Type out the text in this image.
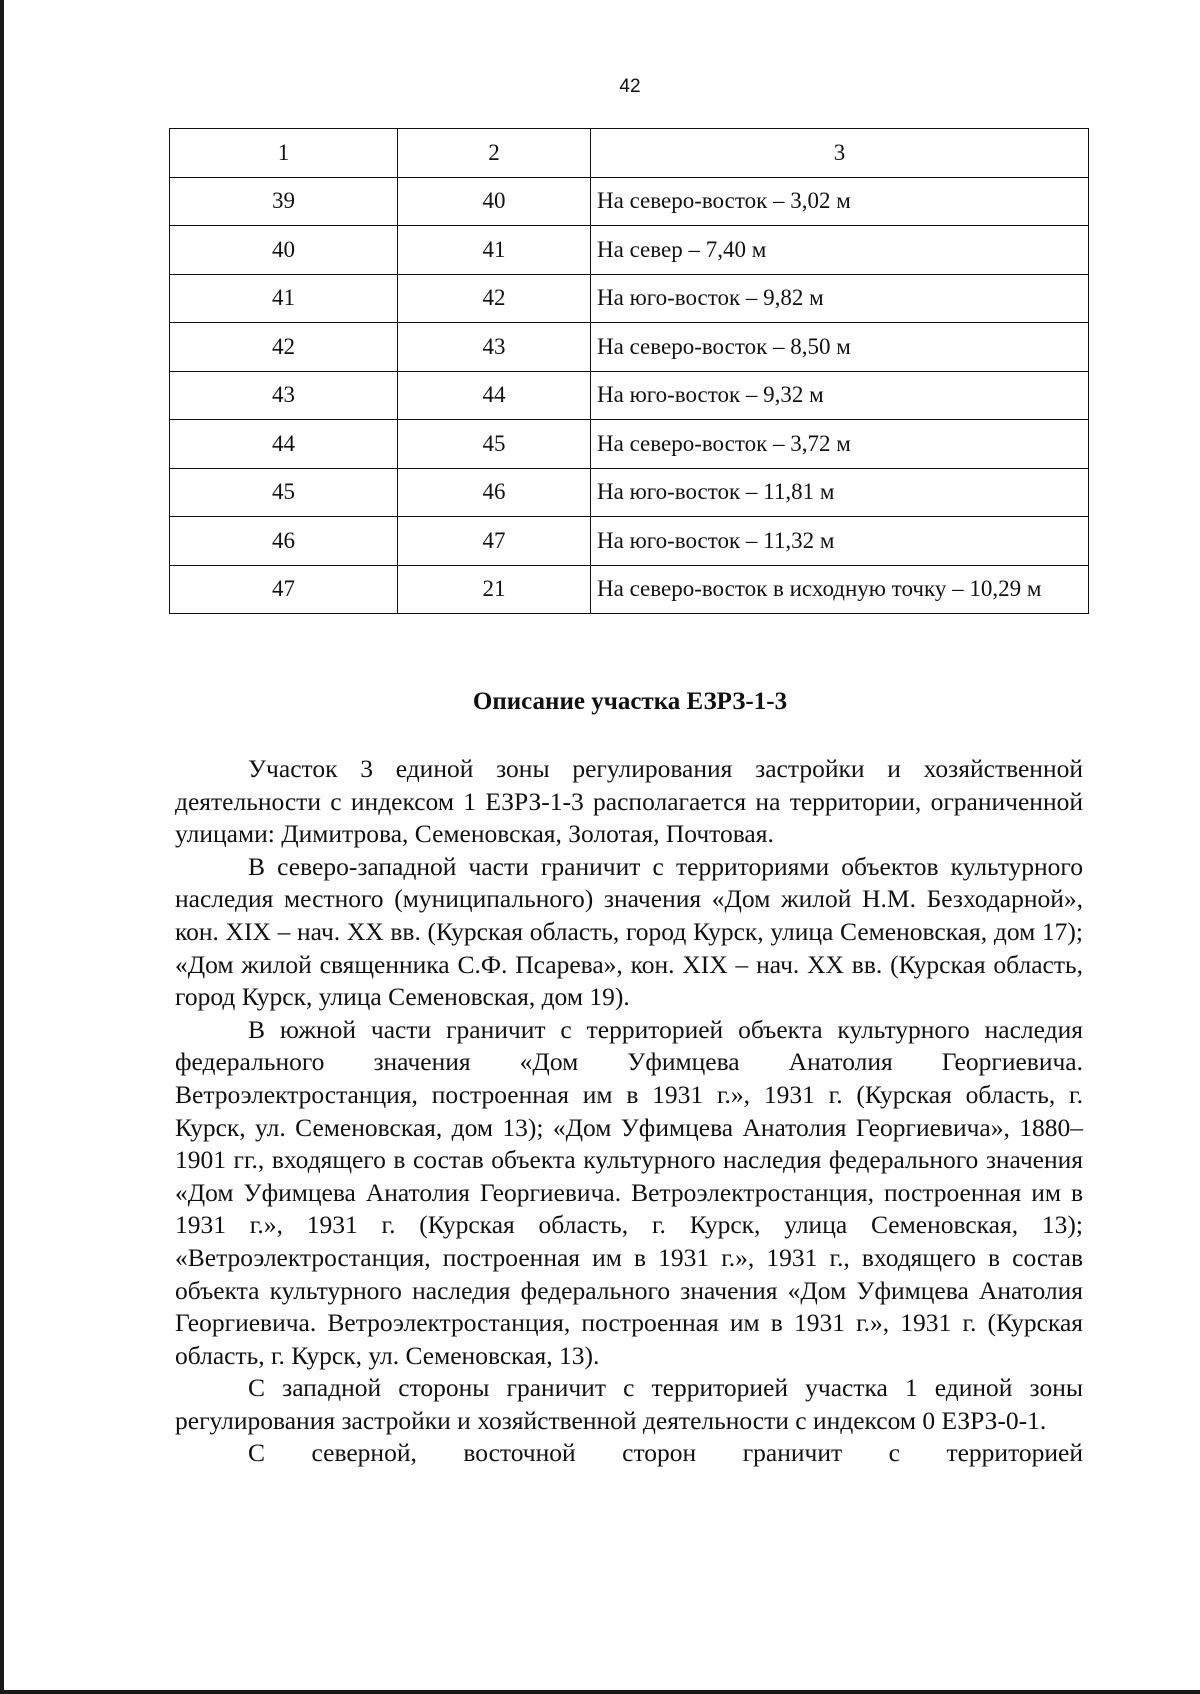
42
1	2	3
39	40	На северо-восток – 3,02 м
40	41	На север – 7,40 м
41	42	На юго-восток – 9,82 м
42	43	На северо-восток – 8,50 м
43	44	На юго-восток – 9,32 м
44	45	На северо-восток – 3,72 м
45	46	На юго-восток – 11,81 м
46	47	На юго-восток – 11,32 м
47	21	На северо-восток в исходную точку – 10,29 м
Описание участка ЕЗРЗ-1-3

Участок 3 единой зоны регулирования застройки и хозяйственной деятельности с индексом 1 ЕЗРЗ-1-3 располагается на территории, ограниченной улицами: Димитрова, Семеновская, Золотая, Почтовая.

В северо-западной части граничит с территориями объектов культурного наследия местного (муниципального) значения «Дом жилой Н.М. Безходарной», кон. XIX – нач. XX вв. (Курская область, город Курск, улица Семеновская, дом 17); «Дом жилой священника С.Ф. Псарева», кон. XIX – нач. XX вв. (Курская область, город Курск, улица Семеновская, дом 19).

В южной части граничит с территорией объекта культурного наследия федерального значения «Дом Уфимцева Анатолия Георгиевича. Ветроэлектростанция, построенная им в 1931 г.», 1931 г. (Курская область, г. Курск, ул. Семеновская, дом 13); «Дом Уфимцева Анатолия Георгиевича», 1880–1901 гг., входящего в состав объекта культурного наследия федерального значения «Дом Уфимцева Анатолия Георгиевича. Ветроэлектростанция, построенная им в 1931 г.», 1931 г. (Курская область, г. Курск, улица Семеновская, 13); «Ветроэлектростанция, построенная им в 1931 г.», 1931 г., входящего в состав объекта культурного наследия федерального значения «Дом Уфимцева Анатолия Георгиевича. Ветроэлектростанция, построенная им в 1931 г.», 1931 г. (Курская область, г. Курск, ул. Семеновская, 13).

С западной стороны граничит с территорией участка 1 единой зоны регулирования застройки и хозяйственной деятельности с индексом 0 ЕЗРЗ-0-1.

С северной, восточной сторон граничит с территорией
